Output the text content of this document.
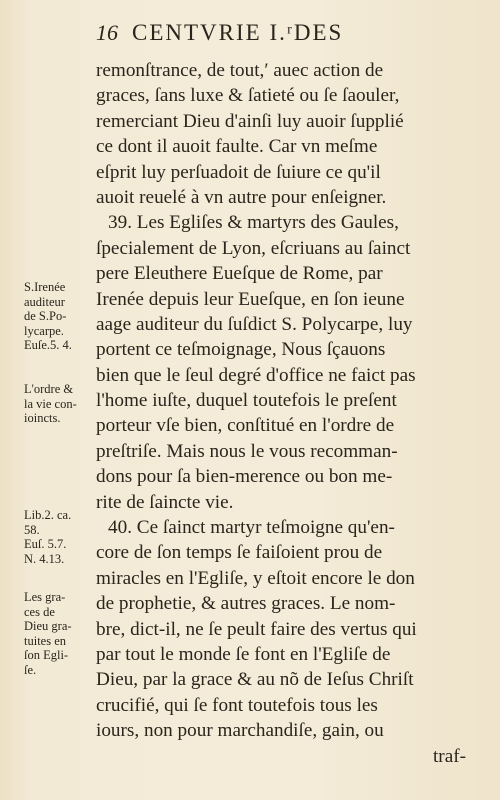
16 CENTVRIE I.ʳDES
remonſtrance, de tout,ʹ auec action de
graces, ſans luxe & ſatieté ou ſe ſaouler,
remerciant Dieu d'ainſi luy auoir ſupplié
ce dont il auoit faulte. Car vn meſme
eſprit luy perſuadoit de ſuiure ce qu'il
auoit reuelé à vn autre pour enſeigner.
39. Les Egliſes & martyrs des Gaules,
ſpecialement de Lyon, eſcriuans au ſainct
pere Eleuthere Eueſque de Rome, par
Irenée depuis leur Eueſque, en ſon ieune
aage auditeur du ſuſdict S. Polycarpe, luy
portent ce teſmoignage, Nous ſçauons
bien que le ſeul degré d'office ne faict pas
l'home iuſte, duquel toutefois le preſent
porteur vſe bien, conſtitué en l'ordre de
preſtriſe. Mais nous le vous recomman-
dons pour ſa bien-merence ou bon me-
rite de ſaincte vie.
40. Ce ſainct martyr teſmoigne qu'en-
core de ſon temps ſe faiſoient prou de
miracles en l'Egliſe, y eſtoit encore le don
de prophetie, & autres graces. Le nom-
bre, dict-il, ne ſe peult faire des vertus qui
par tout le monde ſe font en l'Egliſe de
Dieu, par la grace & au nõ de Ieſus Chriſt
crucifié, qui ſe font toutefois tous les
iours, non pour marchandiſe, gain, ou
traf-
S.Irenée
auditeur
de S.Po-
lycarpe.
Euſe.5. 4.
L'ordre &
la vie con-
ioincts.
Lib.2. ca.
58.
Euſ. 5.7.
N. 4.13.
Les gra-
ces de
Dieu gra-
tuites en
ſon Egli-
ſe.
